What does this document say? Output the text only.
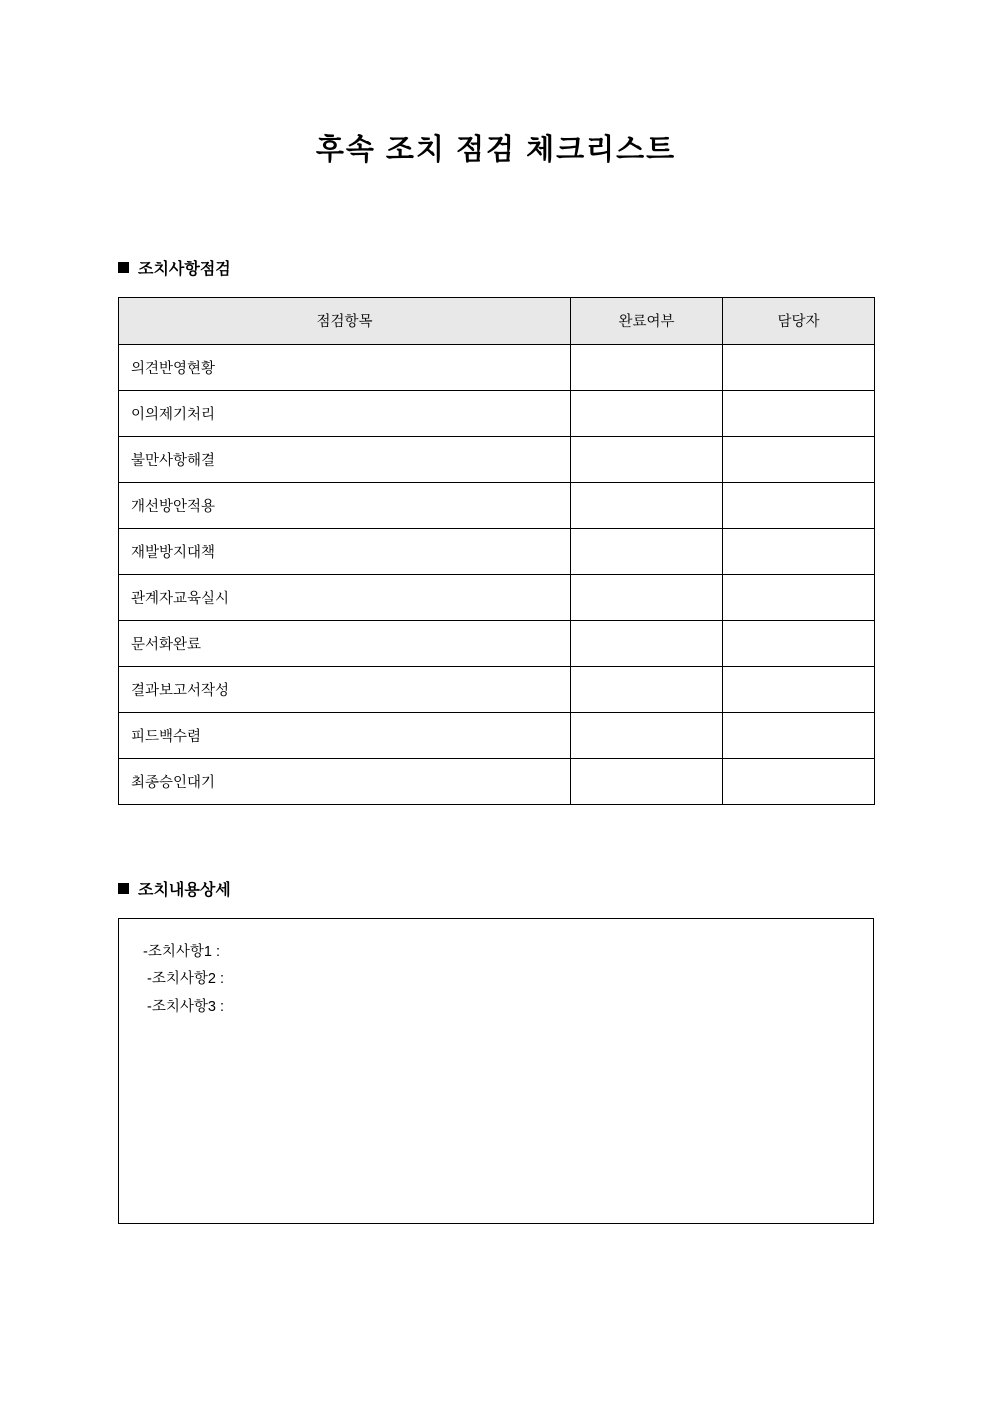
후속 조치 점검 체크리스트
조치사항점검
점검항목	완료여부	담당자
의견반영현황		
이의제기처리		
불만사항해결		
개선방안적용		
재발방지대책		
관계자교육실시		
문서화완료		
결과보고서작성		
피드백수렴		
최종승인대기		
조치내용상세
-조치사항1 :
-조치사항2 :
-조치사항3 :
